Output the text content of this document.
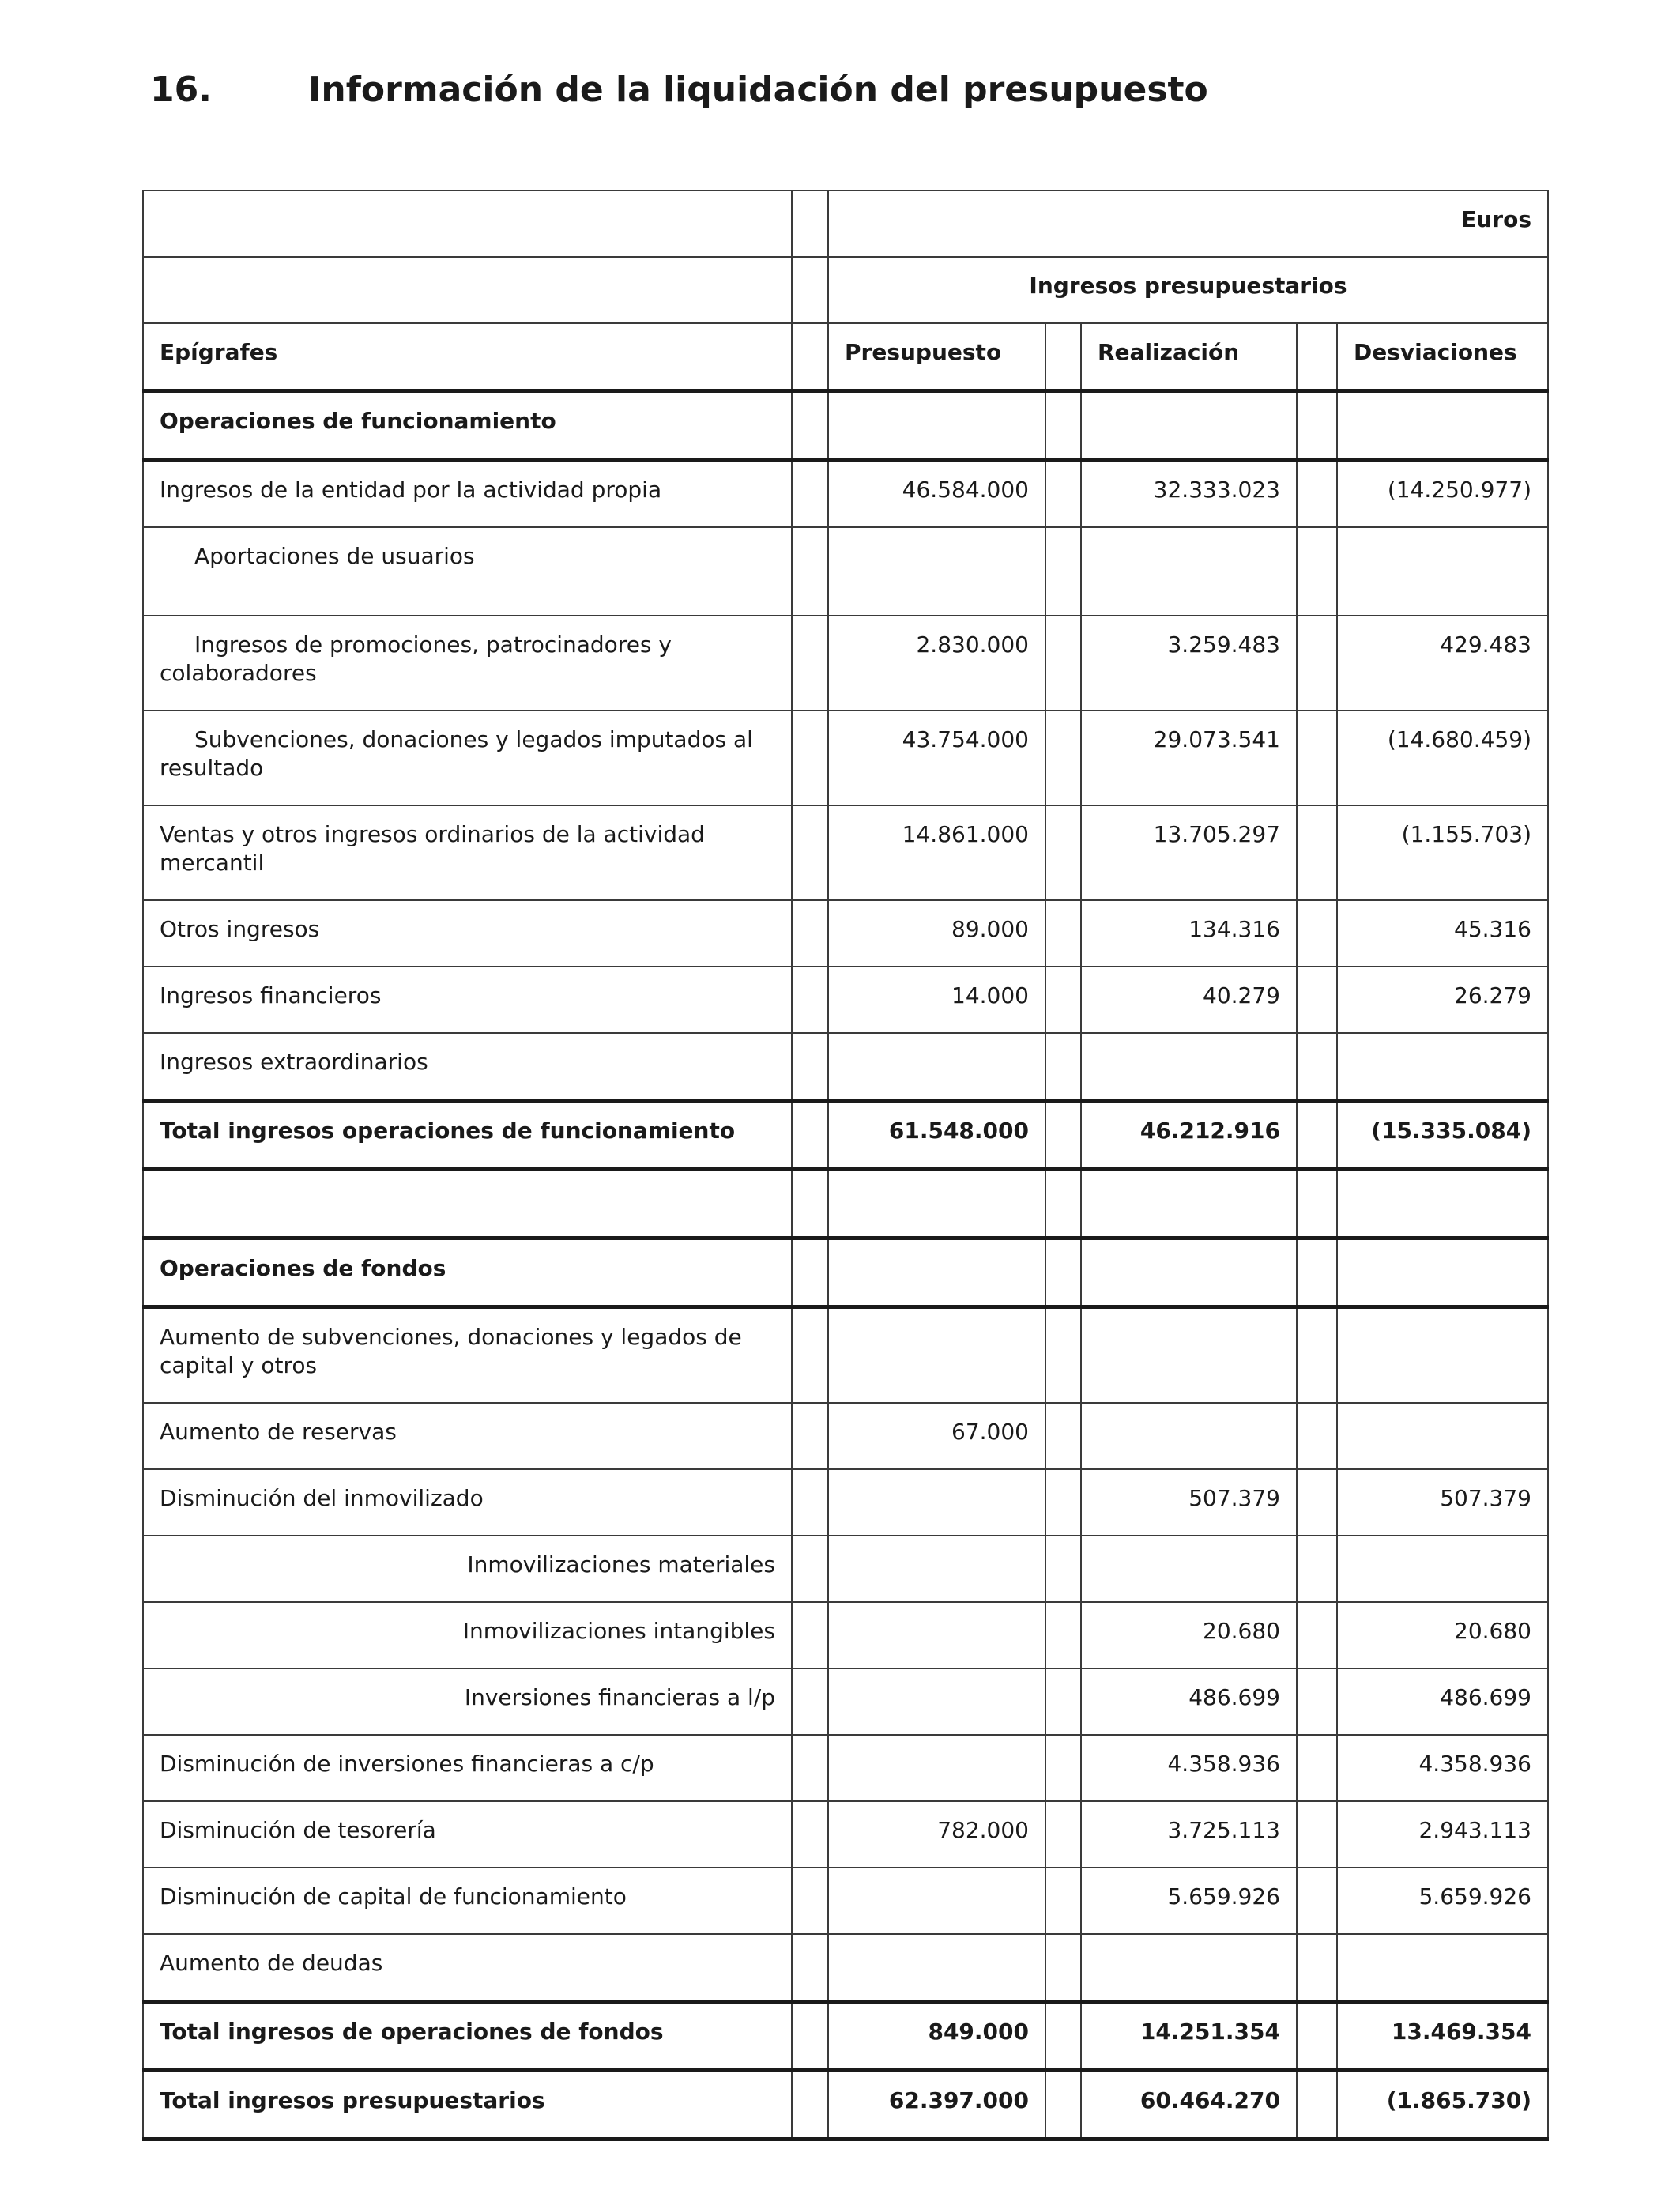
16.	Información de la liquidación del presupuesto
		Euros				
		Ingresos presupuestarios				
Epígrafes		Presupuesto		Realización		Desviaciones
Operaciones de funcionamiento						
Ingresos de la entidad por la actividad propia		46.584.000		32.333.023		(14.250.977)
Aportaciones de usuarios						
Ingresos de promociones, patrocinadores y colaboradores		2.830.000		3.259.483		429.483
Subvenciones, donaciones y legados imputados al resultado		43.754.000		29.073.541		(14.680.459)
Ventas y otros ingresos ordinarios de la actividad mercantil		14.861.000		13.705.297		(1.155.703)
Otros ingresos		89.000		134.316		45.316
Ingresos financieros		14.000		40.279		26.279
Ingresos extraordinarios						
Total ingresos operaciones de funcionamiento		61.548.000		46.212.916		(15.335.084)

Operaciones de fondos						
Aumento de subvenciones, donaciones y legados de capital y otros						
Aumento de reservas		67.000				
Disminución del inmovilizado				507.379		507.379
Inmovilizaciones materiales						
Inmovilizaciones intangibles				20.680		20.680
Inversiones financieras a l/p				486.699		486.699
Disminución de inversiones financieras a c/p				4.358.936		4.358.936
Disminución de tesorería		782.000		3.725.113		2.943.113
Disminución de capital de funcionamiento				5.659.926		5.659.926
Aumento de deudas						
Total ingresos de operaciones de fondos		849.000		14.251.354		13.469.354
Total ingresos presupuestarios		62.397.000		60.464.270		(1.865.730)
